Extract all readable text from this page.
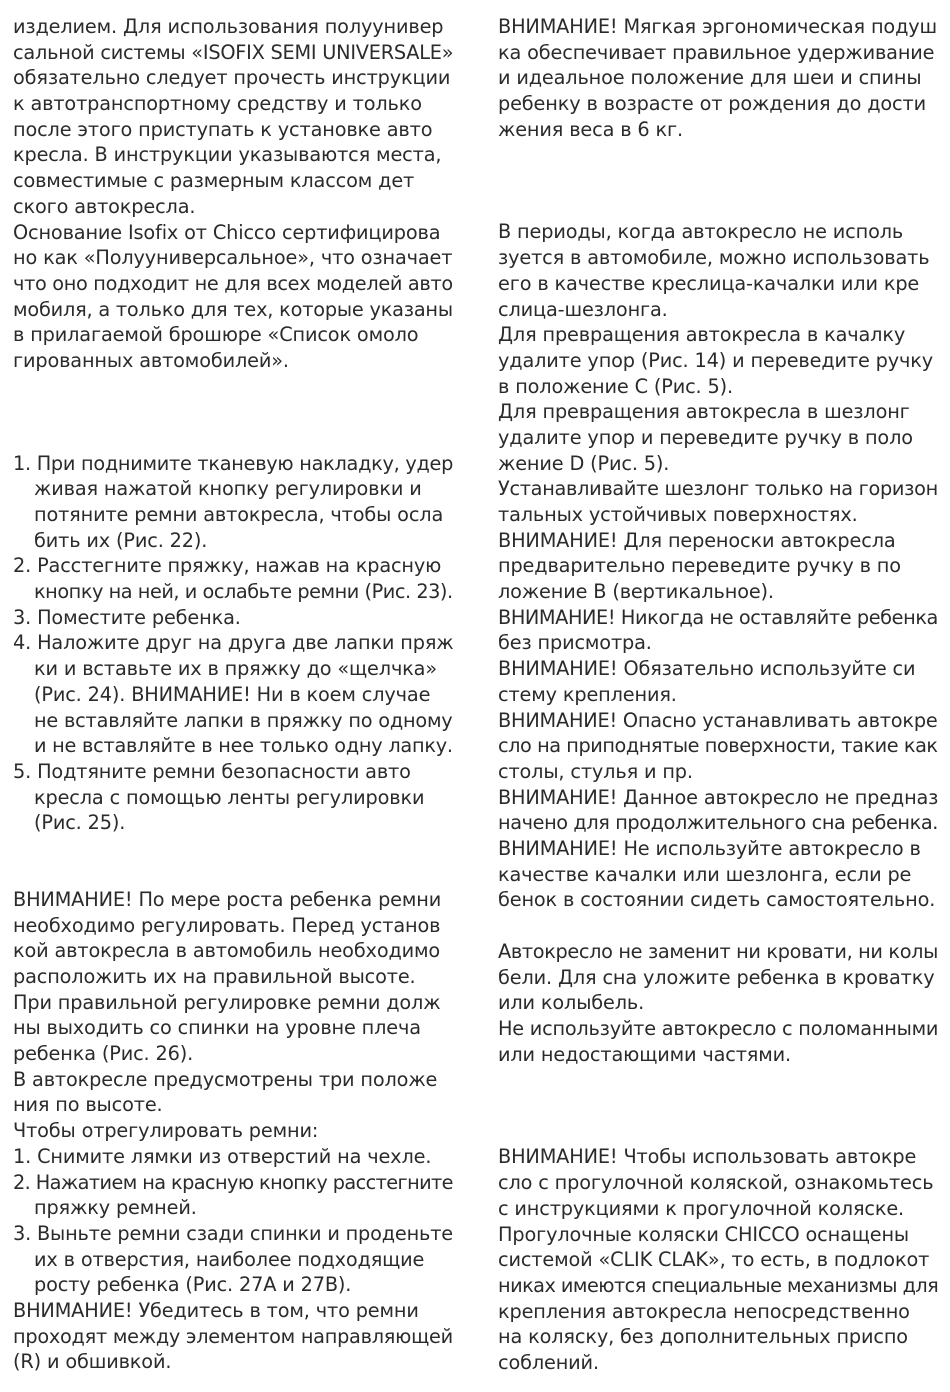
изделием. Для использования полуунивер
сальной системы «ISOFIX SEMI UNIVERSALE»
обязательно следует прочесть инструкции
к автотранспортному средству и только
после этого приступать к установке авто
кресла. В инструкции указываются места,
совместимые с размерным классом дет
ского автокресла.
Основание Isofix от Chicco сертифицирова
но как «Полууниверсальное», что означает
что оно подходит не для всех моделей авто
мобиля, а только для тех, которые указаны
в прилагаемой брошюре «Список омоло
гированных автомобилей».
1. При поднимите тканевую накладку, удер
живая нажатой кнопку регулировки и
потяните ремни автокресла, чтобы осла
бить их (Рис. 22).
2. Расстегните пряжку, нажав на красную
кнопку на ней, и ослабьте ремни (Рис. 23).
3. Поместите ребенка.
4. Наложите друг на друга две лапки пряж
ки и вставьте их в пряжку до «щелчка»
(Рис. 24). ВНИМАНИЕ! Ни в коем случае
не вставляйте лапки в пряжку по одному
и не вставляйте в нее только одну лапку.
5. Подтяните ремни безопасности авто
кресла с помощью ленты регулировки
(Рис. 25).
ВНИМАНИЕ! По мере роста ребенка ремни
необходимо регулировать. Перед установ
кой автокресла в автомобиль необходимо
расположить их на правильной высоте.
При правильной регулировке ремни долж
ны выходить со спинки на уровне плеча
ребенка (Рис. 26).
В автокресле предусмотрены три положе
ния по высоте.
Чтобы отрегулировать ремни:
1. Снимите лямки из отверстий на чехле.
2. Нажатием на красную кнопку расстегните
пряжку ремней.
3. Выньте ремни сзади спинки и проденьте
их в отверстия, наиболее подходящие
росту ребенка (Рис. 27A и 27B).
ВНИМАНИЕ! Убедитесь в том, что ремни
проходят между элементом направляющей
(R) и обшивкой.
ВНИМАНИЕ! Мягкая эргономическая подуш
ка обеспечивает правильное удерживание
и идеальное положение для шеи и спины
ребенку в возрасте от рождения до дости
жения веса в 6 кг.
В периоды, когда автокресло не исполь
зуется в автомобиле, можно использовать
его в качестве креслица-качалки или кре
слица-шезлонга.
Для превращения автокресла в качалку
удалите упор (Рис. 14) и переведите ручку
в положение C (Рис. 5).
Для превращения автокресла в шезлонг
удалите упор и переведите ручку в поло
жение D (Рис. 5).
Устанавливайте шезлонг только на горизон
тальных устойчивых поверхностях.
ВНИМАНИЕ! Для переноски автокресла
предварительно переведите ручку в по
ложение B (вертикальное).
ВНИМАНИЕ! Никогда не оставляйте ребенка
без присмотра.
ВНИМАНИЕ! Обязательно используйте си
стему крепления.
ВНИМАНИЕ! Опасно устанавливать автокре
сло на приподнятые поверхности, такие как
столы, стулья и пр.
ВНИМАНИЕ! Данное автокресло не предназ
начено для продолжительного сна ребенка.
ВНИМАНИЕ! Не используйте автокресло в
качестве качалки или шезлонга, если ре
бенок в состоянии сидеть самостоятельно.
Автокресло не заменит ни кровати, ни колы
бели. Для сна уложите ребенка в кроватку
или колыбель.
Не используйте автокресло с поломанными
или недостающими частями.
ВНИМАНИЕ! Чтобы использовать автокре
сло с прогулочной коляской, ознакомьтесь
с инструкциями к прогулочной коляске.
Прогулочные коляски CHICCO оснащены
системой «CLIK CLAK», то есть, в подлокот
никах имеются специальные механизмы для
крепления автокресла непосредственно
на коляску, без дополнительных приспо
соблений.
